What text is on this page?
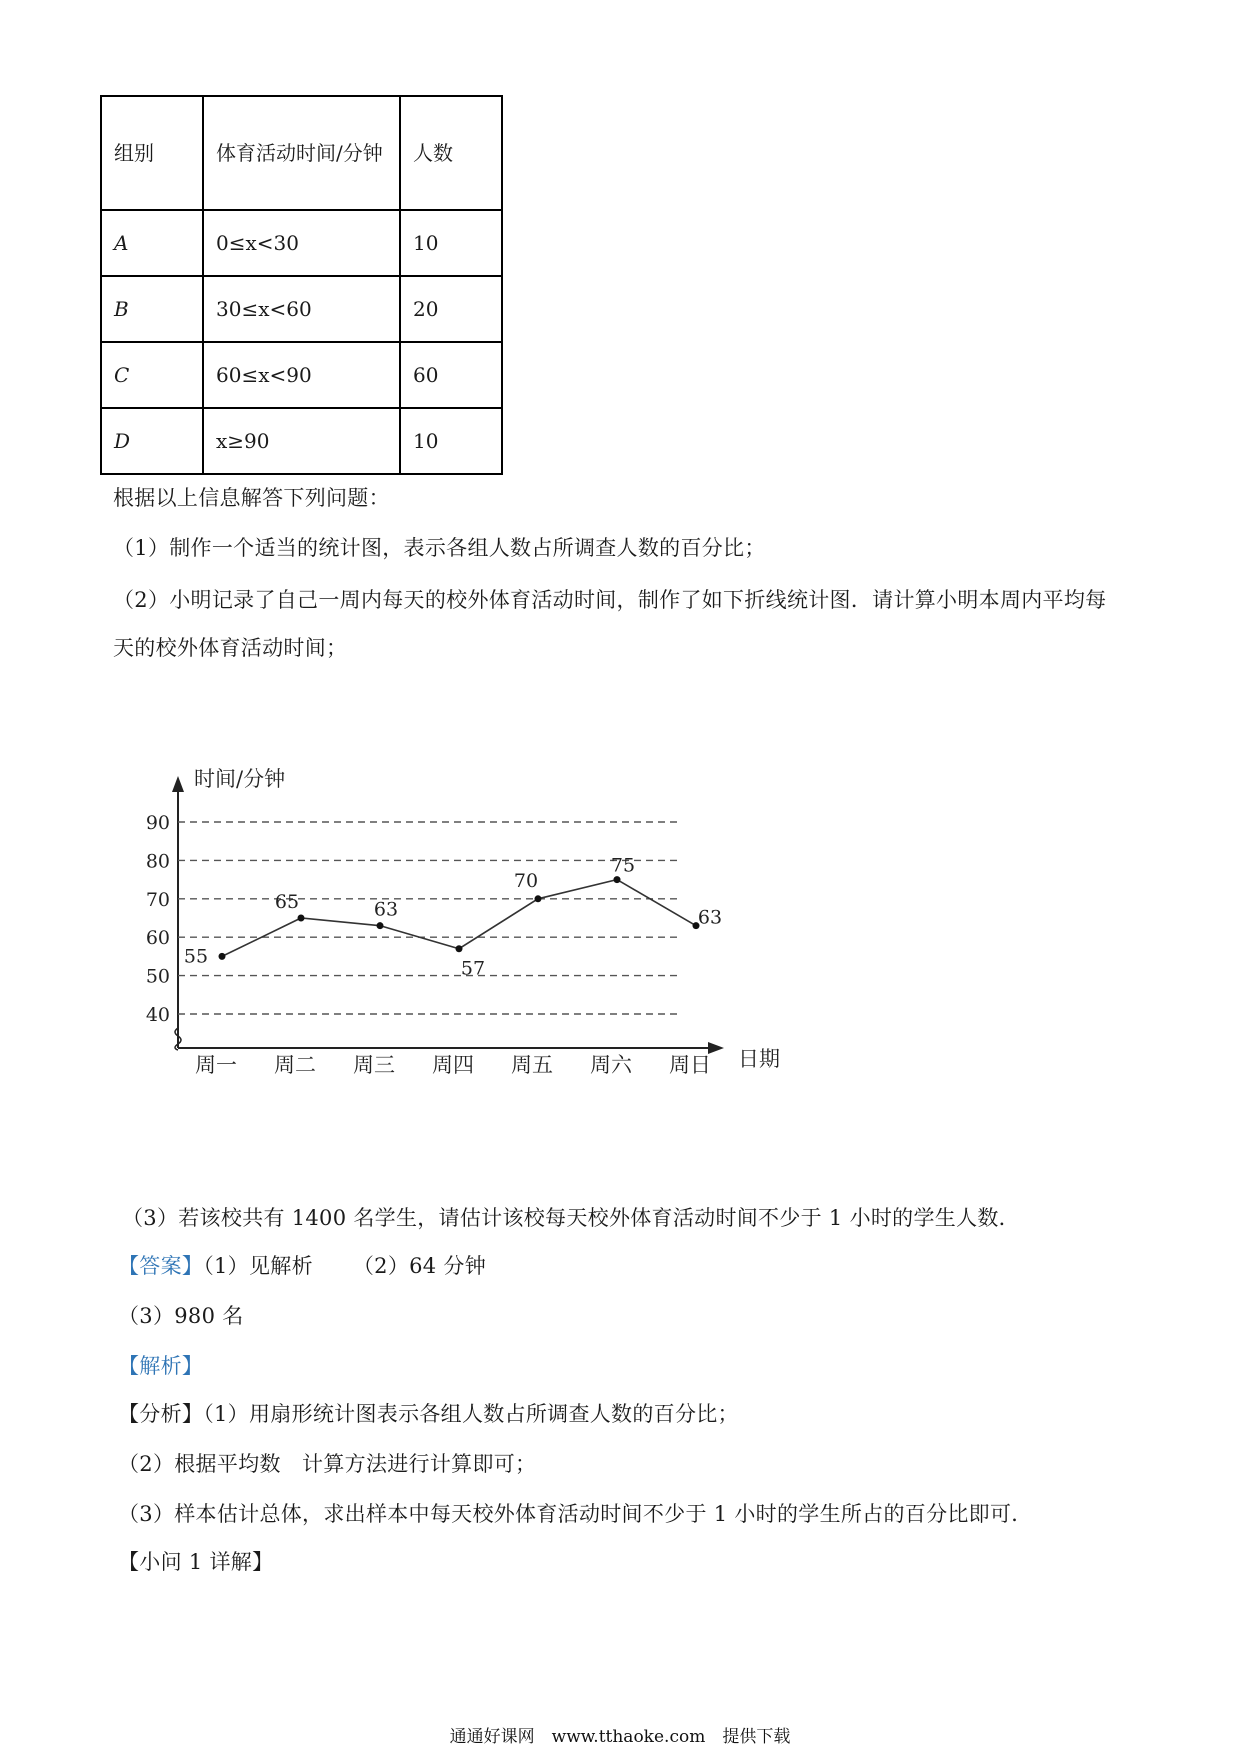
组别	体育活动时间/分钟	人数
A	0≤x<30	10
B	30≤x<60	20
C	60≤x<90	60
D	x≥90	10
根据以上信息解答下列问题：
（1）制作一个适当的统计图，表示各组人数占所调查人数的百分比；
（2）小明记录了自己一周内每天的校外体育活动时间，制作了如下折线统计图．请计算小明本周内平均每
天的校外体育活动时间；
40
50
60
70
80
90
时间/分钟
日期
周一 周二 周三 周四 周五 周六 周日
55
65	63
57
70
75
63
（3）若该校共有 1400 名学生，请估计该校每天校外体育活动时间不少于 1 小时的学生人数．
【答案】（1）见解析 （2）64 分钟
（3）980 名
【解析】
【分析】（1）用扇形统计图表示各组人数占所调查人数的百分比；
（2）根据平均数　计算方法进行计算即可；
（3）样本估计总体，求出样本中每天校外体育活动时间不少于 1 小时的学生所占的百分比即可．
【小问 1 详解】
通通好课网　www.tthaoke.com　提供下载
